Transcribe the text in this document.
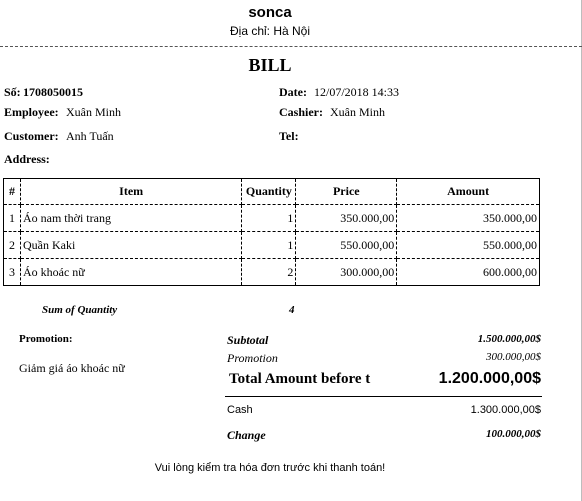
sonca
Địa chỉ: Hà Nội
BILL
Số: 1708050015	Date: 12/07/2018 14:33
Employee: Xuân Minh	Cashier: Xuân Minh
Customer: Anh Tuấn	Tel:
Address:
#	Item	Quantity	Price	Amount
1	Áo nam thời trang	1	350.000,00	350.000,00
2	Quần Kaki	1	550.000,00	550.000,00
3	Áo khoác nữ	2	300.000,00	600.000,00
Sum of Quantity	4
Promotion:
Giảm giá áo khoác nữ
Subtotal	1.500.000,00$
Promotion	300.000,00$
Total Amount before t	1.200.000,00$
Cash	1.300.000,00$
Change	100.000,00$
Vui lòng kiểm tra hóa đơn trước khi thanh toán!
